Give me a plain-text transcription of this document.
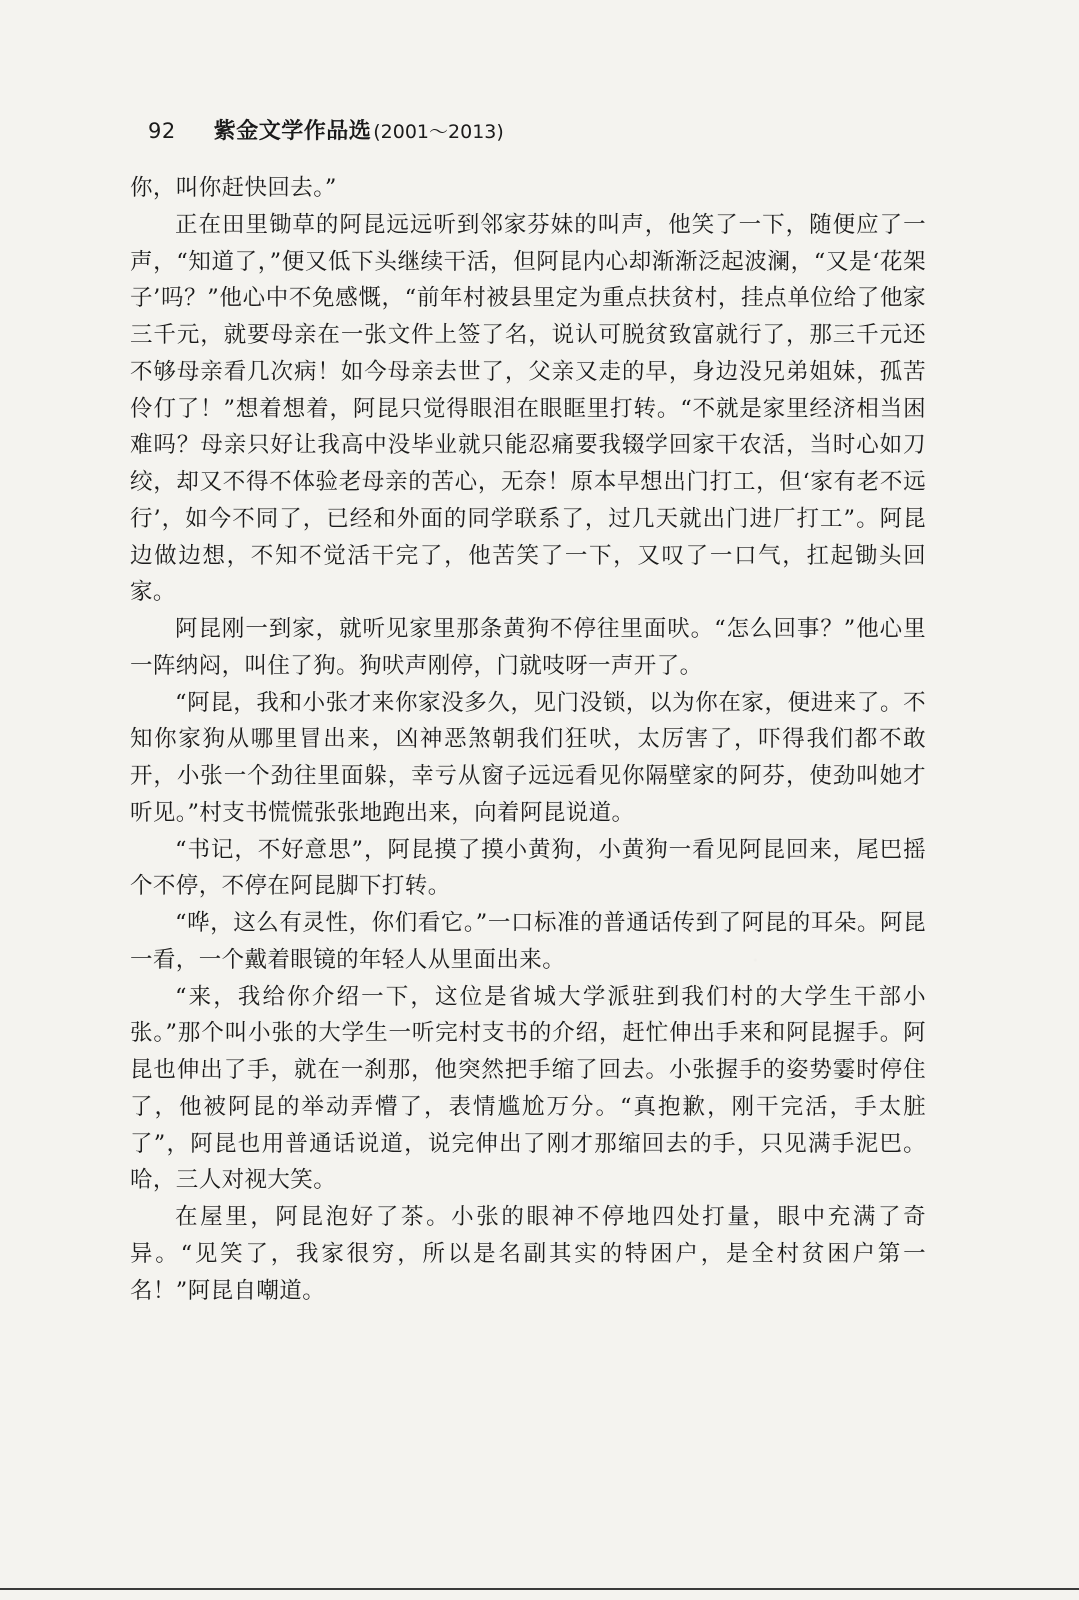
92 紫金文学作品选 (2001～2013)

你，叫你赶快回去。”

正在田里锄草的阿昆远远听到邻家芬妹的叫声，他笑了一下，随便应了一声，“知道了，”便又低下头继续干活，但阿昆内心却渐渐泛起波澜，“又是‘花架子’吗？”他心中不免感慨，“前年村被县里定为重点扶贫村，挂点单位给了他家三千元，就要母亲在一张文件上签了名，说认可脱贫致富就行了，那三千元还不够母亲看几次病！如今母亲去世了，父亲又走的早，身边没兄弟姐妹，孤苦伶仃了！”想着想着，阿昆只觉得眼泪在眼眶里打转。“不就是家里经济相当困难吗？母亲只好让我高中没毕业就只能忍痛要我辍学回家干农活，当时心如刀绞，却又不得不体验老母亲的苦心，无奈！原本早想出门打工，但‘家有老不远行’，如今不同了，已经和外面的同学联系了，过几天就出门进厂打工”。阿昆边做边想，不知不觉活干完了，他苦笑了一下，又叹了一口气，扛起锄头回家。

阿昆刚一到家，就听见家里那条黄狗不停往里面吠。“怎么回事？”他心里一阵纳闷，叫住了狗。狗吠声刚停，门就吱呀一声开了。

“阿昆，我和小张才来你家没多久，见门没锁，以为你在家，便进来了。不知你家狗从哪里冒出来，凶神恶煞朝我们狂吠，太厉害了，吓得我们都不敢开，小张一个劲往里面躲，幸亏从窗子远远看见你隔壁家的阿芬，使劲叫她才听见。”村支书慌慌张张地跑出来，向着阿昆说道。

“书记，不好意思”，阿昆摸了摸小黄狗，小黄狗一看见阿昆回来，尾巴摇个不停，不停在阿昆脚下打转。

“哗，这么有灵性，你们看它。”一口标准的普通话传到了阿昆的耳朵。阿昆一看，一个戴着眼镜的年轻人从里面出来。

“来，我给你介绍一下，这位是省城大学派驻到我们村的大学生干部小张。”那个叫小张的大学生一听完村支书的介绍，赶忙伸出手来和阿昆握手。阿昆也伸出了手，就在一刹那，他突然把手缩了回去。小张握手的姿势霎时停住了，他被阿昆的举动弄懵了，表情尴尬万分。“真抱歉，刚干完活，手太脏了”，阿昆也用普通话说道，说完伸出了刚才那缩回去的手，只见满手泥巴。哈，三人对视大笑。

在屋里，阿昆泡好了茶。小张的眼神不停地四处打量，眼中充满了奇异。“见笑了，我家很穷，所以是名副其实的特困户，是全村贫困户第一名！”阿昆自嘲道。
